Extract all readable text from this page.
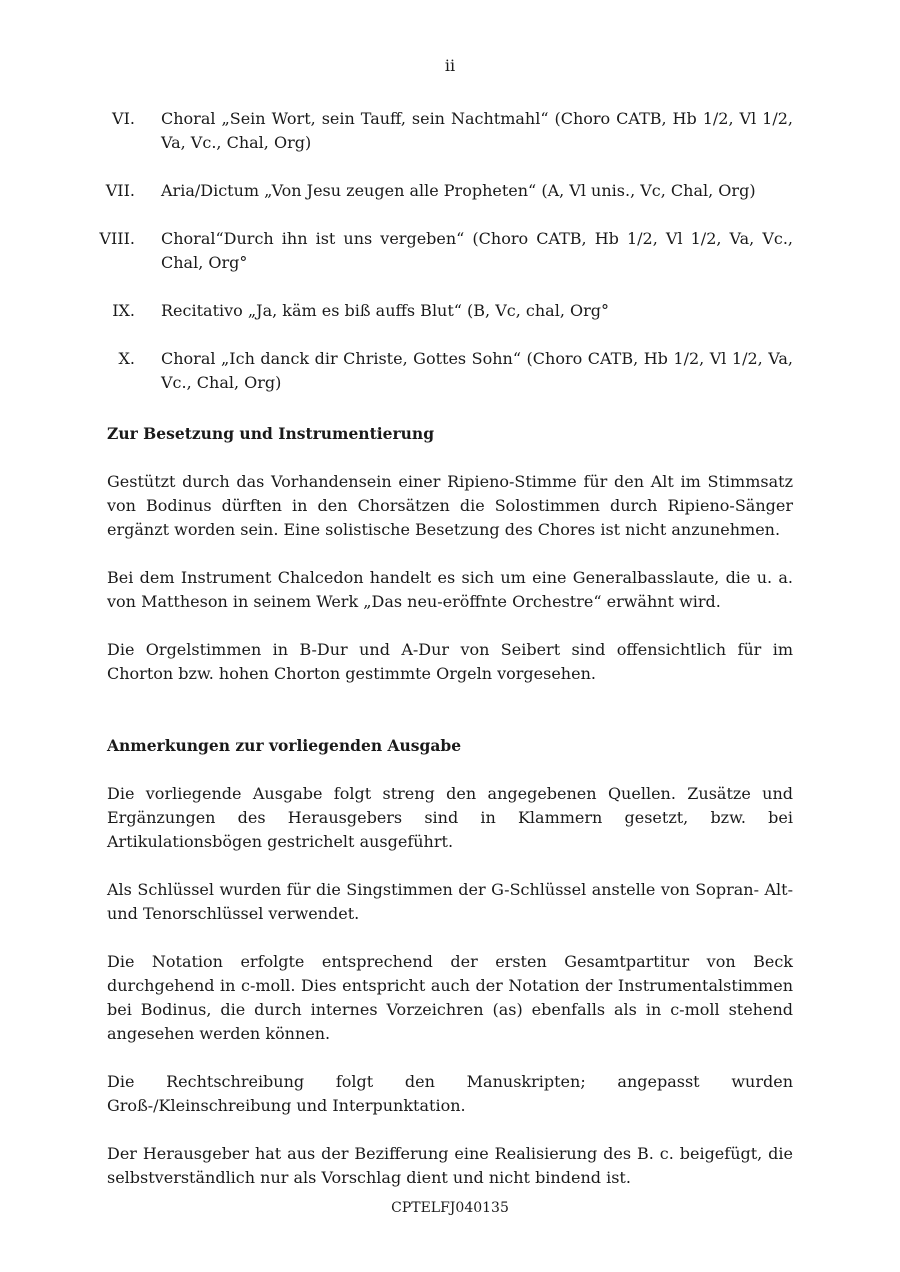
ii
VI. Choral „Sein Wort, sein Tauff, sein Nachtmahl“ (Choro CATB, Hb 1/2, Vl 1/2, Va, Vc., Chal, Org)
VII. Aria/Dictum „Von Jesu zeugen alle Propheten“ (A, Vl unis., Vc, Chal, Org)
VIII. Choral“Durch ihn ist uns vergeben“ (Choro CATB, Hb 1/2, Vl 1/2, Va, Vc., Chal, Org°
IX. Recitativo „Ja, käm es biß auffs Blut“ (B, Vc, chal, Org°
X. Choral „Ich danck dir Christe, Gottes Sohn“ (Choro CATB, Hb 1/2, Vl 1/2, Va, Vc., Chal, Org)
Zur Besetzung und Instrumentierung

Gestützt durch das Vorhandensein einer Ripieno-Stimme für den Alt im Stimmsatz von Bodinus dürften in den Chorsätzen die Solostimmen durch Ripieno-Sänger ergänzt worden sein. Eine solistische Besetzung des Chores ist nicht anzunehmen.

Bei dem Instrument Chalcedon handelt es sich um eine Generalbasslaute, die u. a. von Mattheson in seinem Werk „Das neu-eröffnte Orchestre“ erwähnt wird.

Die Orgelstimmen in B-Dur und A-Dur von Seibert sind offensichtlich für im Chorton bzw. hohen Chorton gestimmte Orgeln vorgesehen.

Anmerkungen zur vorliegenden Ausgabe

Die vorliegende Ausgabe folgt streng den angegebenen Quellen. Zusätze und Ergänzungen des Herausgebers sind in Klammern gesetzt, bzw. bei Artikulationsbögen gestrichelt ausgeführt.

Als Schlüssel wurden für die Singstimmen der G-Schlüssel anstelle von Sopran- Alt- und Tenorschlüssel verwendet.

Die Notation erfolgte entsprechend der ersten Gesamtpartitur von Beck durchgehend in c-moll. Dies entspricht auch der Notation der Instrumentalstimmen bei Bodinus, die durch internes Vorzeichren (as) ebenfalls als in c-moll stehend angesehen werden können.

Die Rechtschreibung folgt den Manuskripten; angepasst wurden Groß-/Kleinschreibung und Interpunktation.

Der Herausgeber hat aus der Bezifferung eine Realisierung des B. c. beigefügt, die selbstverständlich nur als Vorschlag dient und nicht bindend ist.

CPTELFJ040135
